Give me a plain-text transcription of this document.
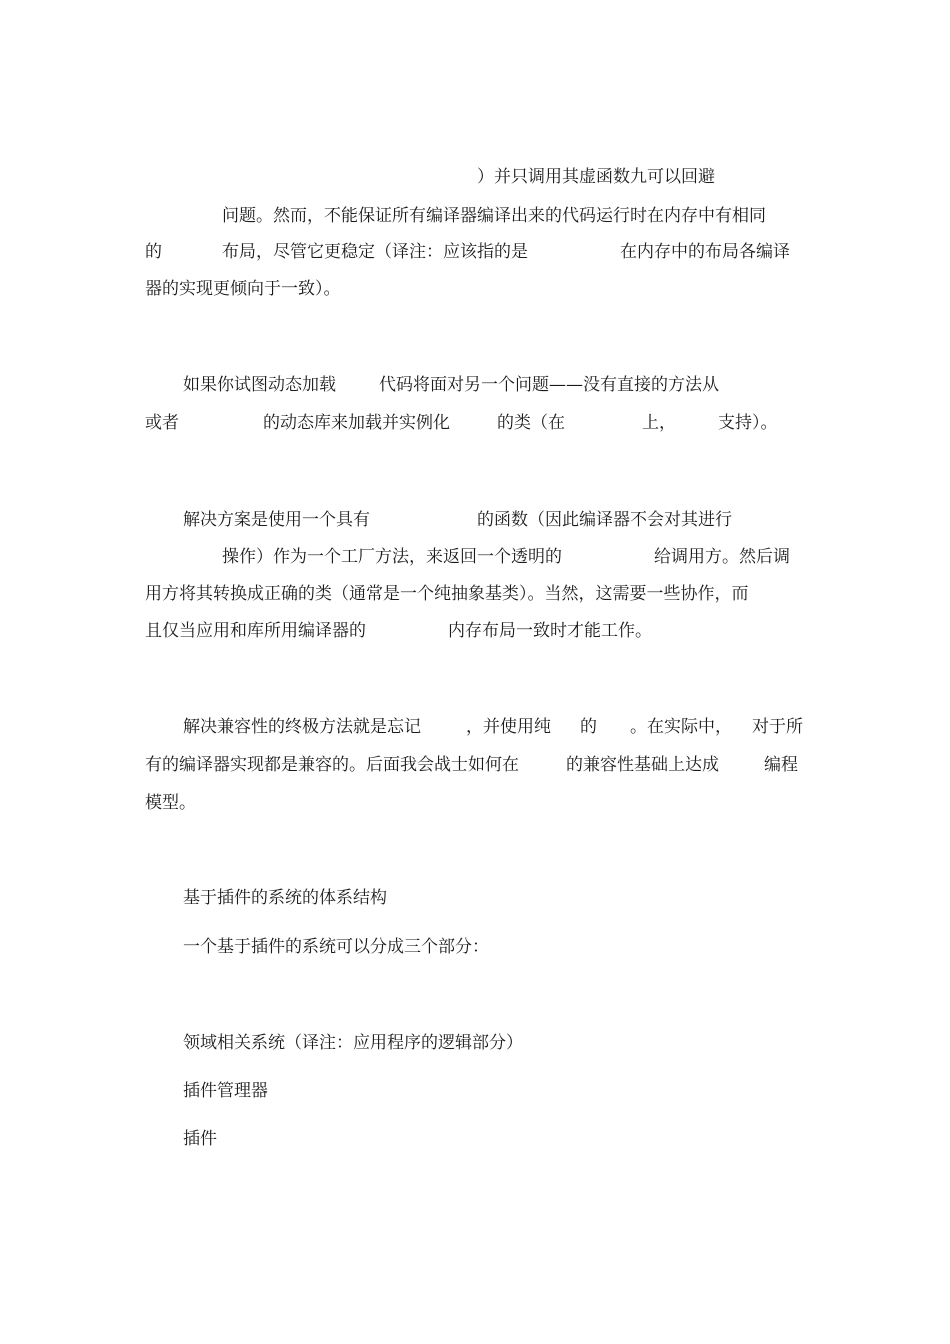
）并只调用其虚函数九可以回避
问题。然而，不能保证所有编译器编译出来的代码运行时在内存中有相同
的	布局，尽管它更稳定（译注：应该指的是	在内存中的布局各编译
器的实现更倾向于一致）。
如果你试图动态加载	代码将面对另一个问题——没有直接的方法从
或者	的动态库来加载并实例化	的类（在	上， 支持）。
解决方案是使用一个具有	的函数（因此编译器不会对其进行
操作）作为一个工厂方法，来返回一个透明的	给调用方。然后调
用方将其转换成正确的类（通常是一个纯抽象基类）。当然，这需要一些协作，而
且仅当应用和库所用编译器的	内存布局一致时才能工作。
解决兼容性的终极方法就是忘记	，并使用纯 的 。在实际中， 对于所
有的编译器实现都是兼容的。后面我会战士如何在	的兼容性基础上达成	编程
模型。
基于插件的系统的体系结构
一个基于插件的系统可以分成三个部分：
领域相关系统（译注：应用程序的逻辑部分）
插件管理器
插件
